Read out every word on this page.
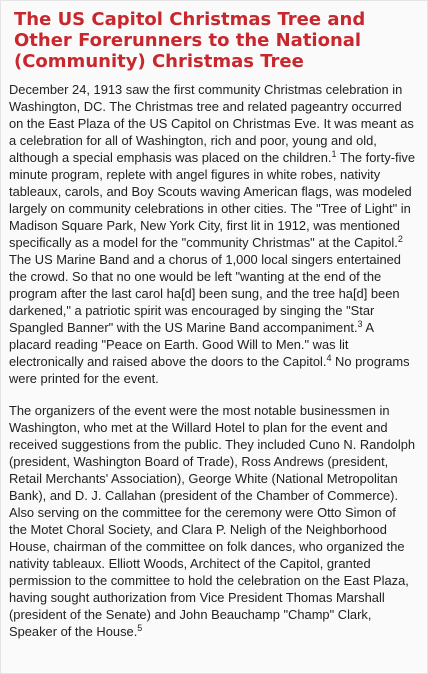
The US Capitol Christmas Tree and Other Forerunners to the National (Community) Christmas Tree

December 24, 1913 saw the first community Christmas celebration in Washington, DC. The Christmas tree and related pageantry occurred on the East Plaza of the US Capitol on Christmas Eve. It was meant as a celebration for all of Washington, rich and poor, young and old, although a special emphasis was placed on the children.$^1$ The forty-five minute program, replete with angel figures in white robes, nativity tableaux, carols, and Boy Scouts waving American flags, was modeled largely on community celebrations in other cities. The "Tree of Light" in Madison Square Park, New York City, first lit in 1912, was mentioned specifically as a model for the "community Christmas" at the Capitol.$^2$ The US Marine Band and a chorus of 1,000 local singers entertained the crowd. So that no one would be left "wanting at the end of the program after the last carol ha[d] been sung, and the tree ha[d] been darkened," a patriotic spirit was encouraged by singing the "Star Spangled Banner" with the US Marine Band accompaniment.$^3$ A placard reading "Peace on Earth. Good Will to Men." was lit electronically and raised above the doors to the Capitol.$^4$ No programs were printed for the event.

The organizers of the event were the most notable businessmen in Washington, who met at the Willard Hotel to plan for the event and received suggestions from the public. They included Cuno N. Randolph (president, Washington Board of Trade), Ross Andrews (president, Retail Merchants' Association), George White (National Metropolitan Bank), and D. J. Callahan (president of the Chamber of Commerce). Also serving on the committee for the ceremony were Otto Simon of the Motet Choral Society, and Clara P. Neligh of the Neighborhood House, chairman of the committee on folk dances, who organized the nativity tableaux. Elliott Woods, Architect of the Capitol, granted permission to the committee to hold the celebration on the East Plaza, having sought authorization from Vice President Thomas Marshall (president of the Senate) and John Beauchamp "Champ" Clark, Speaker of the House.$^5$
